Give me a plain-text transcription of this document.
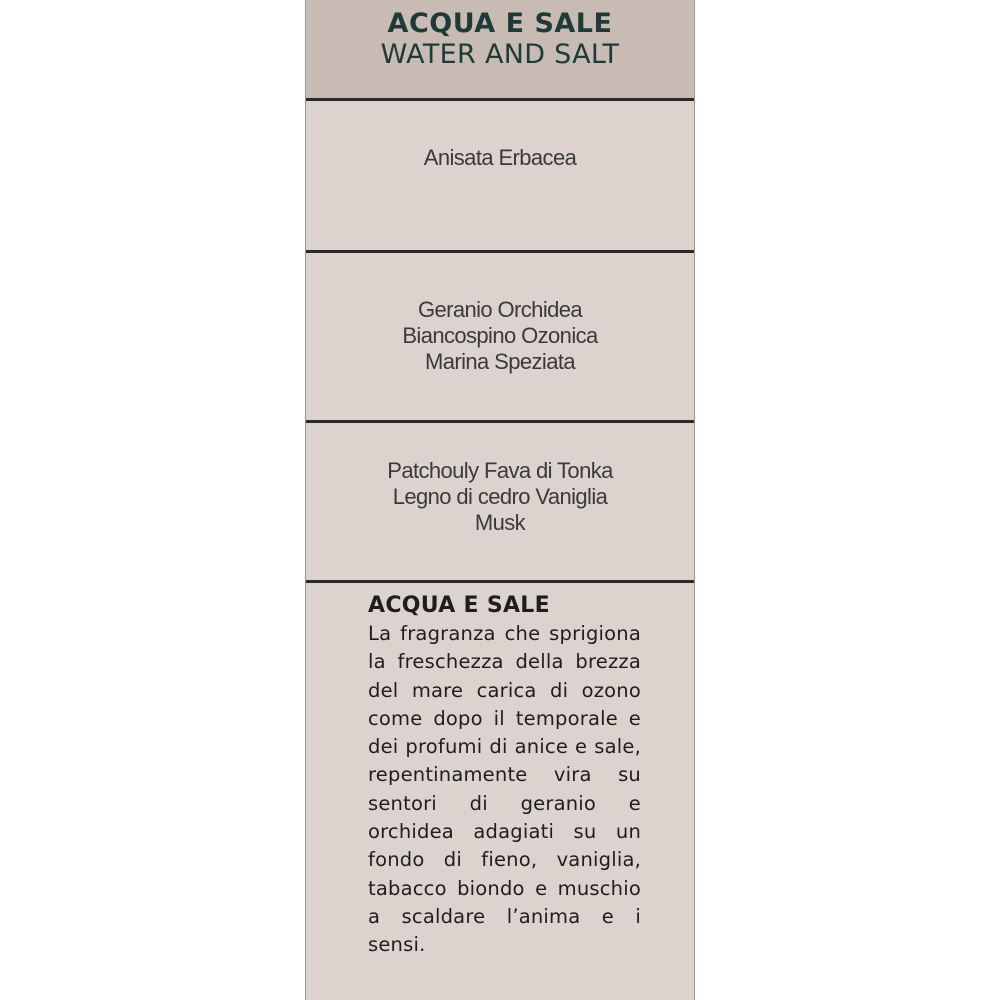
ACQUA E SALE
WATER AND SALT
Anisata Erbacea
Geranio Orchidea
Biancospino Ozonica
Marina Speziata
Patchouly Fava di Tonka
Legno di cedro Vaniglia
Musk
ACQUA E SALE
La fragranza che sprigiona la freschezza della brezza del mare carica di ozono come dopo il temporale e dei profumi di anice e sale, repentinamente vira su sentori di geranio e orchidea adagiati su un fondo di fieno, vaniglia, tabacco biondo e muschio a scaldare l’anima e i sensi.
